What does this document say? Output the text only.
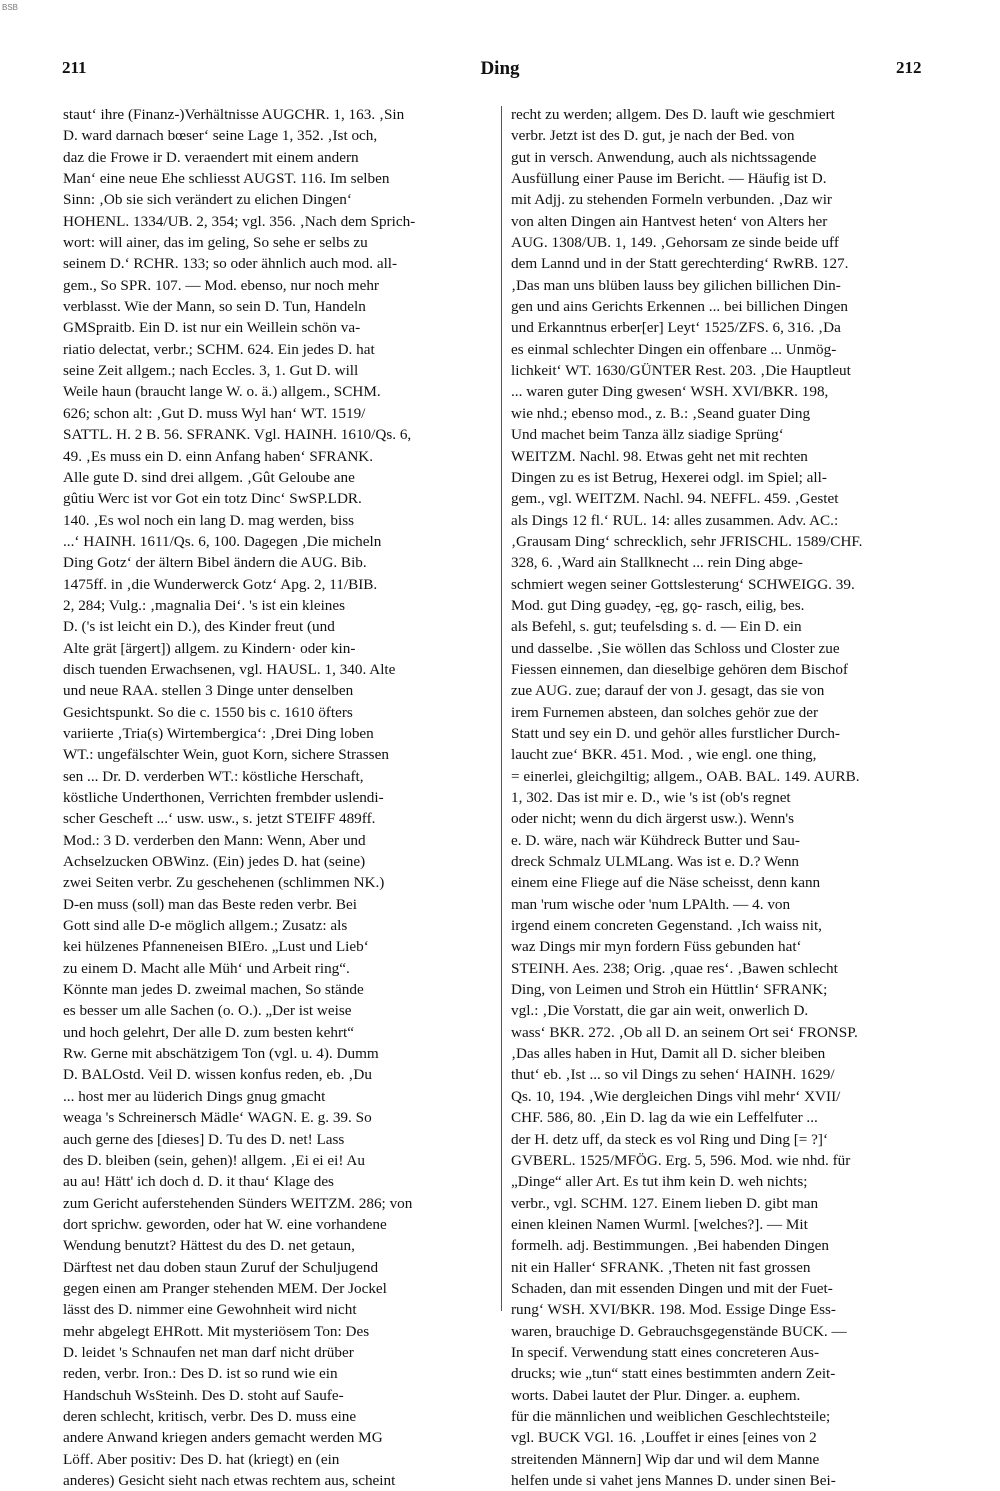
BSB
211	Ding	212
staut‘ ihre (Finanz-)Verhältnisse AUGCHR. 1, 163. ‚Sin
D. ward darnach bœser‘ seine Lage 1, 352. ‚Ist och,
daz die Frowe ir D. veraendert mit einem andern
Man‘ eine neue Ehe schliesst AUGST. 116. Im selben
Sinn: ‚Ob sie sich verändert zu elichen Dingen‘
HOHENL. 1334/UB. 2, 354; vgl. 356. ‚Nach dem Sprich-
wort: will ainer, das im geling, So sehe er selbs zu
seinem D.‘ RCHR. 133; so oder ähnlich auch mod. all-
gem., So SPR. 107. — Mod. ebenso, nur noch mehr
verblasst. Wie der Mann, so sein D. Tun, Handeln
GMSpraitb. Ein D. ist nur ein Weillein schön va-
riatio delectat, verbr.; SCHM. 624. Ein jedes D. hat
seine Zeit allgem.; nach Eccles. 3, 1. Gut D. will
Weile haun (braucht lange W. o. ä.) allgem., SCHM.
626; schon alt: ‚Gut D. muss Wyl han‘ WT. 1519/
SATTL. H. 2 B. 56. SFRANK. Vgl. HAINH. 1610/Qs. 6,
49. ‚Es muss ein D. einn Anfang haben‘ SFRANK.
Alle gute D. sind drei allgem. ‚Gût Geloube ane
gûtiu Werc ist vor Got ein totz Dinc‘ SwSP.LDR.
140. ‚Es wol noch ein lang D. mag werden, biss
...‘ HAINH. 1611/Qs. 6, 100. Dagegen ‚Die micheln
Ding Gotz‘ der ältern Bibel ändern die AUG. Bib.
1475ff. in ‚die Wunderwerck Gotz‘ Apg. 2, 11/BIB.
2, 284; Vulg.: ‚magnalia Dei‘. 's ist ein kleines
D. ('s ist leicht ein D.), des Kinder freut (und
Alte grät [ärgert]) allgem. zu Kindern· oder kin-
disch tuenden Erwachsenen, vgl. HAUSL. 1, 340. Alte
und neue RAA. stellen 3 Dinge unter denselben
Gesichtspunkt. So die c. 1550 bis c. 1610 öfters
variierte ‚Tria(s) Wirtembergica‘: ‚Drei Ding loben
WT.: ungefälschter Wein, guot Korn, sichere Strassen
sen ... Dr. D. verderben WT.: köstliche Herschaft,
köstliche Underthonen, Verrichten frembder uslendi-
scher Gescheft ...‘ usw. usw., s. jetzt STEIFF 489ff.
Mod.: 3 D. verderben den Mann: Wenn, Aber und
Achselzucken OBWinz. (Ein) jedes D. hat (seine)
zwei Seiten verbr. Zu geschehenen (schlimmen NK.)
D-en muss (soll) man das Beste reden verbr. Bei
Gott sind alle D-e möglich allgem.; Zusatz: als
kei hülzenes Pfanneneisen BIEro. „Lust und Lieb‘
zu einem D. Macht alle Müh‘ und Arbeit ring“.
Könnte man jedes D. zweimal machen, So stände
es besser um alle Sachen (o. O.). „Der ist weise
und hoch gelehrt, Der alle D. zum besten kehrt“
Rw. Gerne mit abschätzigem Ton (vgl. u. 4). Dumm
D. BALOstd. Veil D. wissen konfus reden, eb. ‚Du
... host mer au lüderich Dings gnug gmacht
weaga 's Schreinersch Mädle‘ WAGN. E. g. 39. So
auch gerne des [dieses] D. Tu des D. net! Lass
des D. bleiben (sein, gehen)! allgem. ‚Ei ei ei! Au
au au! Hätt' ich doch d. D. it thau‘ Klage des
zum Gericht auferstehenden Sünders WEITZM. 286; von
dort sprichw. geworden, oder hat W. eine vorhandene
Wendung benutzt? Hättest du des D. net getaun,
Därftest net dau doben staun Zuruf der Schuljugend
gegen einen am Pranger stehenden MEM. Der Jockel
lässt des D. nimmer eine Gewohnheit wird nicht
mehr abgelegt EHRott. Mit mysteriösem Ton: Des
D. leidet 's Schnaufen net man darf nicht drüber
reden, verbr. Iron.: Des D. ist so rund wie ein
Handschuh WsSteinh. Des D. stoht auf Saufe-
deren schlecht, kritisch, verbr. Des D. muss eine
andere Anwand kriegen anders gemacht werden MG
Löff. Aber positiv: Des D. hat (kriegt) en (ein
anderes) Gesicht sieht nach etwas rechtem aus, scheint
recht zu werden; allgem. Des D. lauft wie geschmiert
verbr. Jetzt ist des D. gut, je nach der Bed. von
gut in versch. Anwendung, auch als nichtssagende
Ausfüllung einer Pause im Bericht. — Häufig ist D.
mit Adjj. zu stehenden Formeln verbunden. ‚Daz wir
von alten Dingen ain Hantvest heten‘ von Alters her
AUG. 1308/UB. 1, 149. ‚Gehorsam ze sinde beide uff
dem Lannd und in der Statt gerechterding‘ RwRB. 127.
‚Das man uns blüben lauss bey gilichen billichen Din-
gen und ains Gerichts Erkennen ... bei billichen Dingen
und Erkanntnus erber[er] Leyt‘ 1525/ZFS. 6, 316. ‚Da
es einmal schlechter Dingen ein offenbare ... Unmög-
lichkeit‘ WT. 1630/GÜNTER Rest. 203. ‚Die Hauptleut
... waren guter Ding gwesen‘ WSH. XVI/BKR. 198,
wie nhd.; ebenso mod., z. B.: ‚Seand guater Ding
Und machet beim Tanza ällz siadige Sprüng‘
WEITZM. Nachl. 98. Etwas geht net mit rechten
Dingen zu es ist Betrug, Hexerei odgl. im Spiel; all-
gem., vgl. WEITZM. Nachl. 94. NEFFL. 459. ‚Gestet
als Dings 12 fl.‘ RUL. 14: alles zusammen. Adv. AC.:
‚Grausam Ding‘ schrecklich, sehr JFRISCHL. 1589/CHF.
328, 6. ‚Ward ain Stallknecht ... rein Ding abge-
schmiert wegen seiner Gottslesterung‘ SCHWEIGG. 39.
Mod. gut Ding guədęy, -ęg, gǫ- rasch, eilig, bes.
als Befehl, s. gut; teufelsding s. d. — Ein D. ein
und dasselbe. ‚Sie wöllen das Schloss und Closter zue
Fiessen einnemen, dan dieselbige gehören dem Bischof
zue AUG. zue; darauf der von J. gesagt, das sie von
irem Furnemen absteen, dan solches gehör zue der
Statt und sey ein D. und gehör alles furstlicher Durch-
laucht zue‘ BKR. 451. Mod. ‚ wie engl. one thing,
= einerlei, gleichgiltig; allgem., OAB. BAL. 149. AURB.
1, 302. Das ist mir e. D., wie 's ist (ob's regnet
oder nicht; wenn du dich ärgerst usw.). Wenn's
e. D. wäre, nach wär Kühdreck Butter und Sau-
dreck Schmalz ULMLang. Was ist e. D.? Wenn
einem eine Fliege auf die Näse scheisst, denn kann
man 'rum wische oder 'num LPAlth. — 4. von
irgend einem concreten Gegenstand. ‚Ich waiss nit,
waz Dings mir myn fordern Füss gebunden hat‘
STEINH. Aes. 238; Orig. ‚quae res‘. ‚Bawen schlecht
Ding, von Leimen und Stroh ein Hüttlin‘ SFRANK;
vgl.: ‚Die Vorstatt, die gar ain weit, onwerlich D.
wass‘ BKR. 272. ‚Ob all D. an seinem Ort sei‘ FRONSP.
‚Das alles haben in Hut, Damit all D. sicher bleiben
thut‘ eb. ‚Ist ... so vil Dings zu sehen‘ HAINH. 1629/
Qs. 10, 194. ‚Wie dergleichen Dings vihl mehr‘ XVII/
CHF. 586, 80. ‚Ein D. lag da wie ein Leffelfuter ...
der H. detz uff, da steck es vol Ring und Ding [= ?]‘
GVBERL. 1525/MFÖG. Erg. 5, 596. Mod. wie nhd. für
„Dinge“ aller Art. Es tut ihm kein D. weh nichts;
verbr., vgl. SCHM. 127. Einem lieben D. gibt man
einen kleinen Namen Wurml. [welches?]. — Mit
formelh. adj. Bestimmungen. ‚Bei habenden Dingen
nit ein Haller‘ SFRANK. ‚Theten nit fast grossen
Schaden, dan mit essenden Dingen und mit der Fuet-
rung‘ WSH. XVI/BKR. 198. Mod. Essige Dinge Ess-
waren, brauchige D. Gebrauchsgegenstände BUCK. —
In specif. Verwendung statt eines concreteren Aus-
drucks; wie „tun“ statt eines bestimmten andern Zeit-
worts. Dabei lautet der Plur. Dinger. a. euphem.
für die männlichen und weiblichen Geschlechtsteile;
vgl. BUCK VGl. 16. ‚Louffet ir eines [eines von 2
streitenden Männern] Wip dar und wil dem Manne
helfen unde si vahet jens Mannes D. under sinen Bei-
